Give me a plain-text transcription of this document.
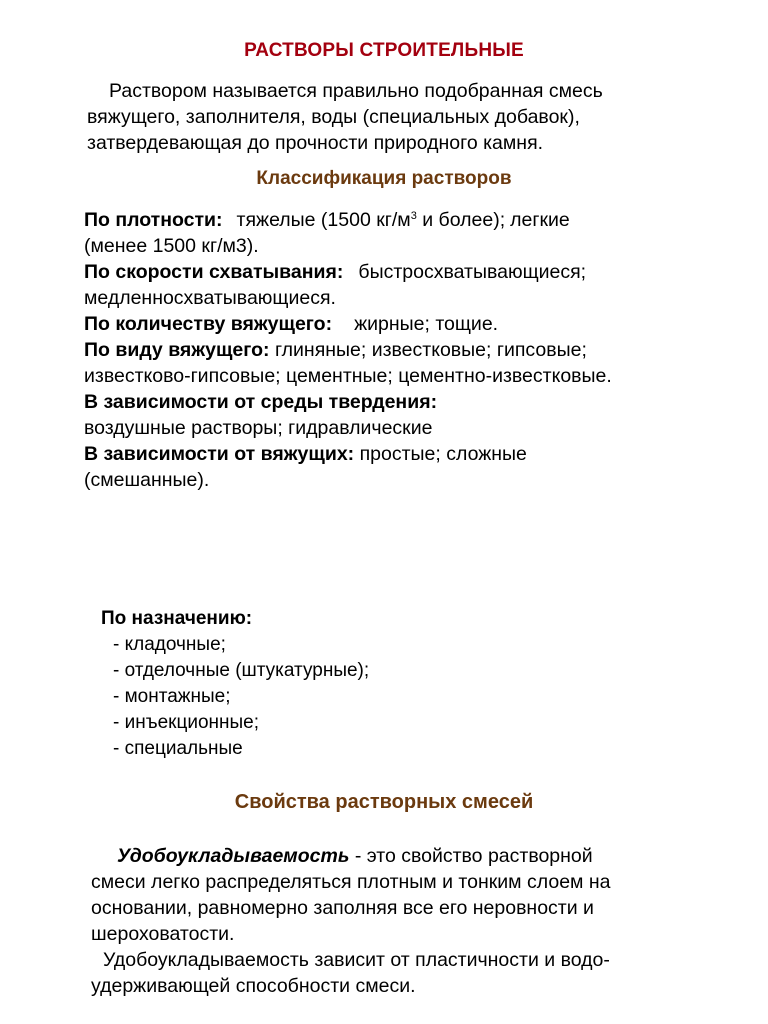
РАСТВОРЫ СТРОИТЕЛЬНЫЕ
Раствором называется правильно подобранная смесь
вяжущего, заполнителя, воды (специальных добавок),
затвердевающая до прочности природного камня.
Классификация растворов
По плотности: тяжелые (1500 $кг/м^3$ и более); легкие
(менее 1500 кг/м3).
По скорости схватывания: быстросхватывающиеся;
медленносхватывающиеся.
По количеству вяжущего: жирные; тощие.
По виду вяжущего: глиняные; известковые; гипсовые;
известково-гипсовые; цементные; цементно-известковые.
В зависимости от среды твердения:
воздушные растворы; гидравлические
В зависимости от вяжущих: простые; сложные
(смешанные).
По назначению:
- кладочные;
- отделочные (штукатурные);
- монтажные;
- инъекционные;
- специальные
Свойства растворных смесей
Удобоукладываемость - это свойство растворной
смеси легко распределяться плотным и тонким слоем на
основании, равномерно заполняя все его неровности и
шероховатости.
Удобоукладываемость зависит от пластичности и водо-
удерживающей способности смеси.
